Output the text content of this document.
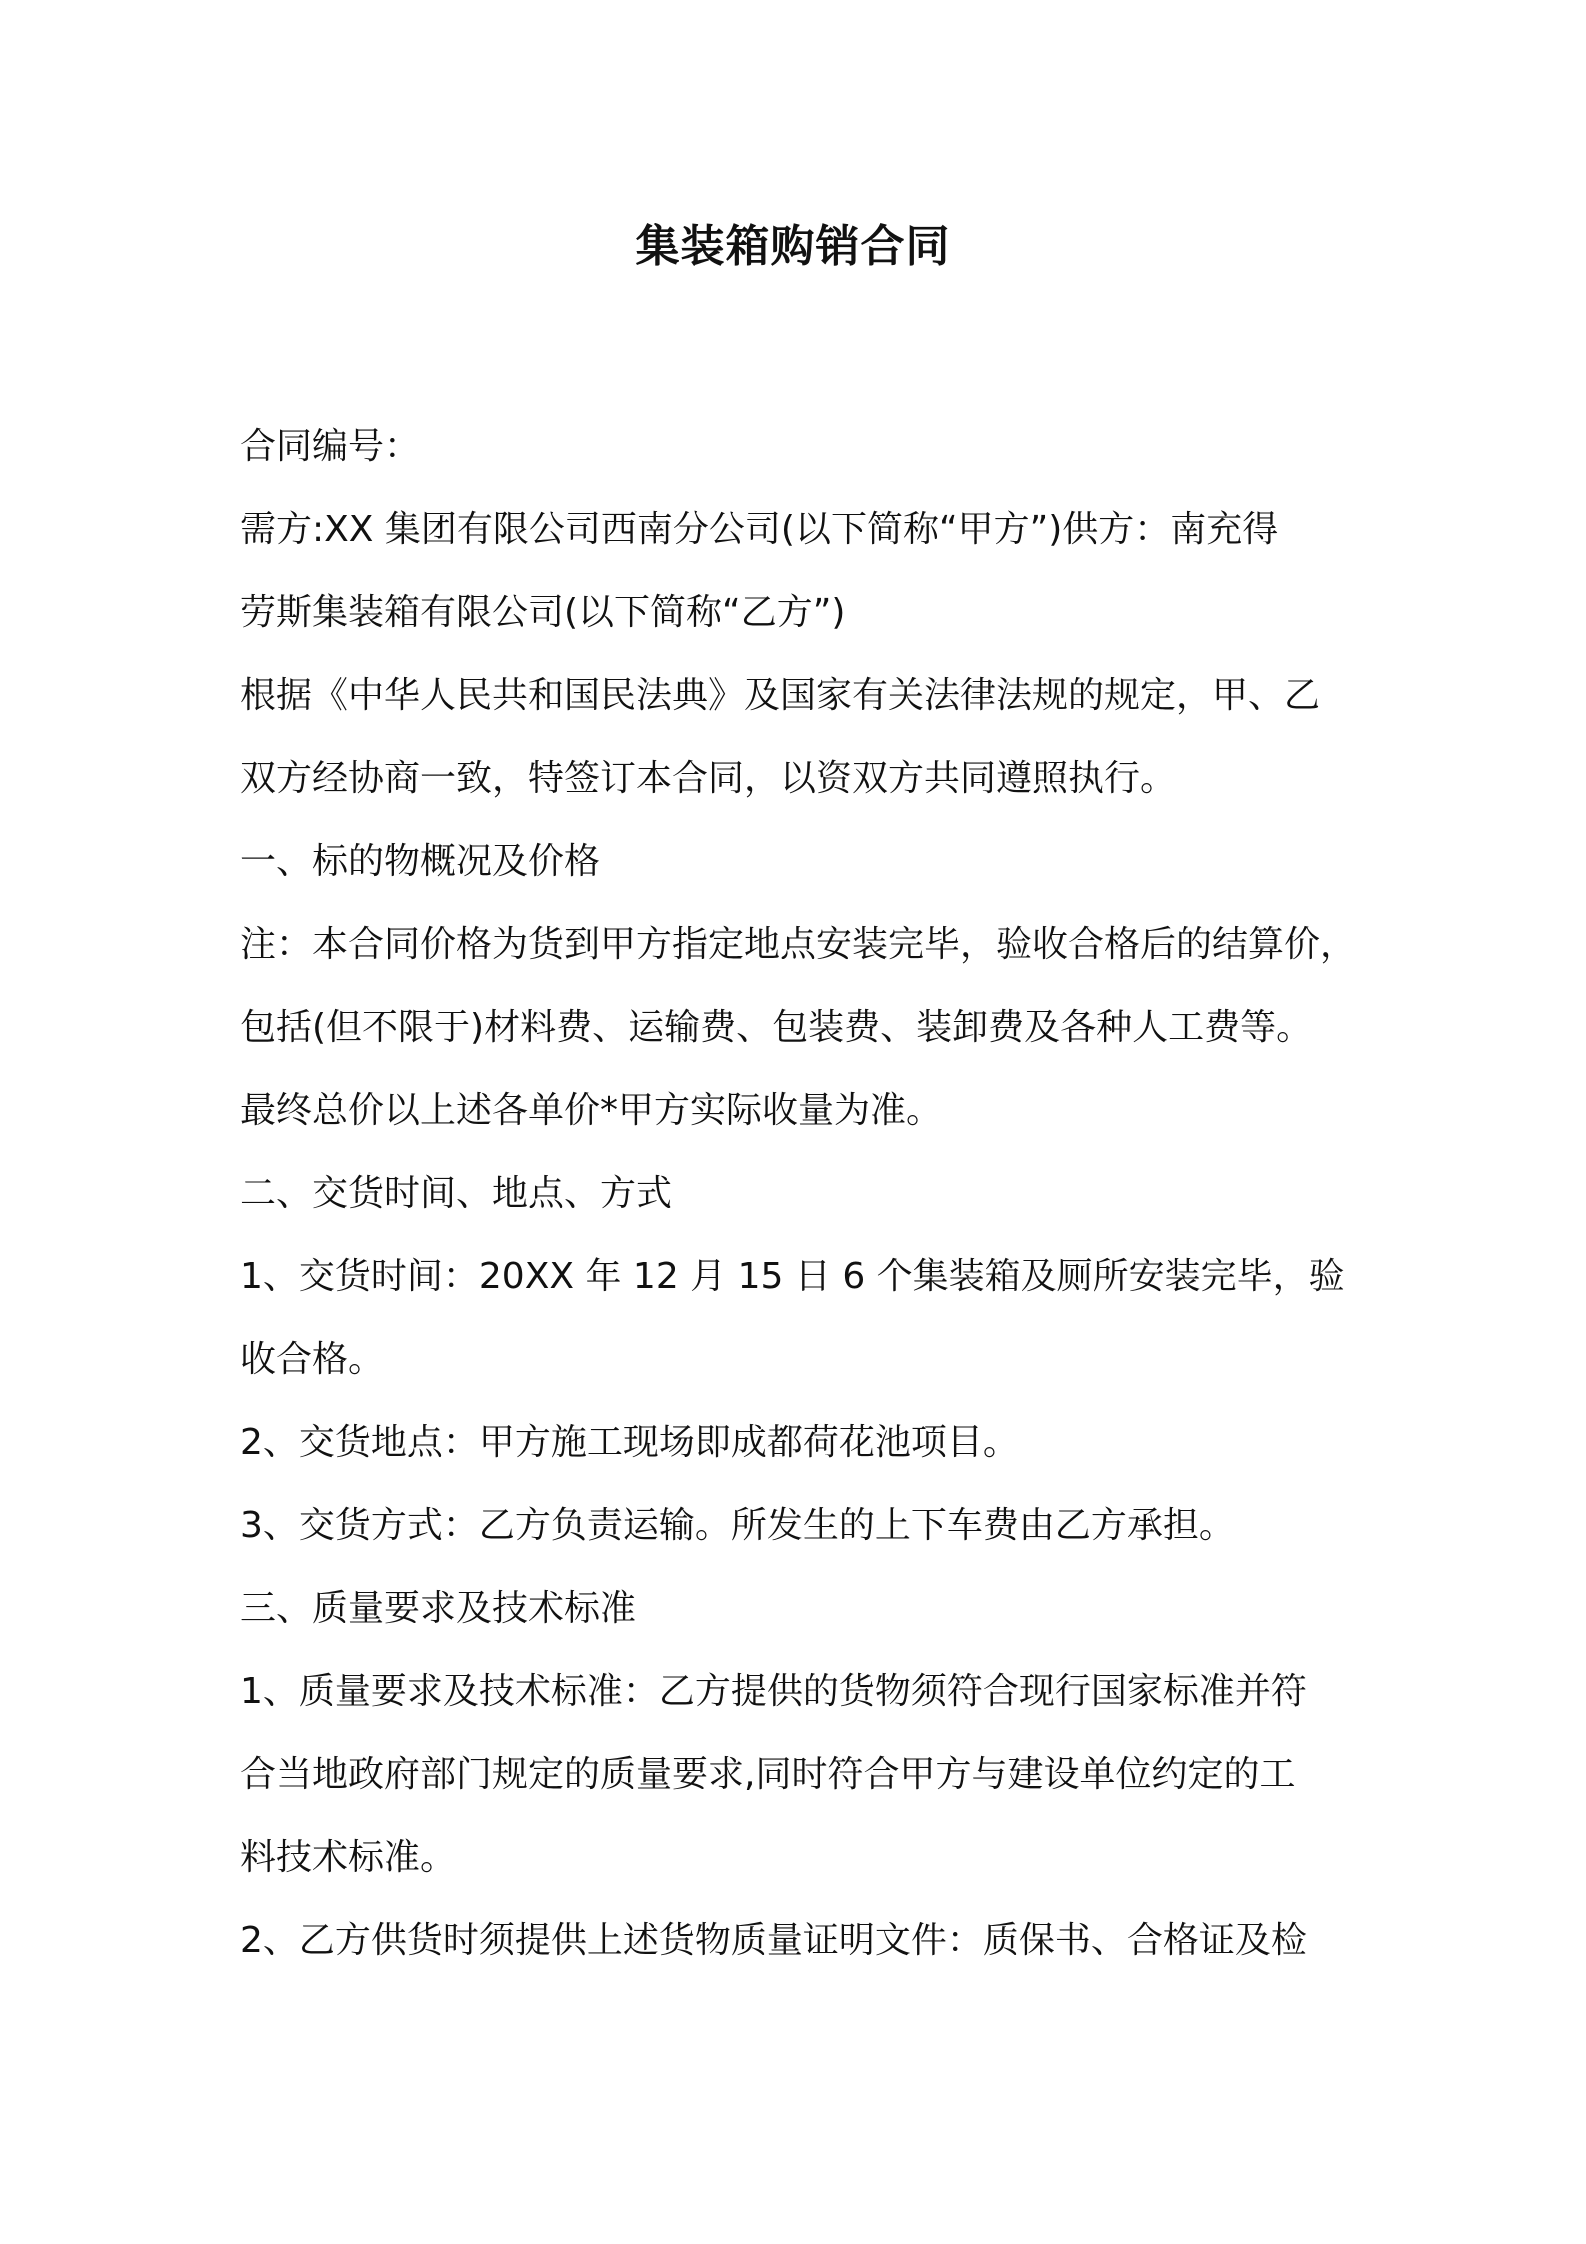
集装箱购销合同

合同编号：

需方:XX 集团有限公司西南分公司(以下简称“甲方”)供方：南充得

劳斯集装箱有限公司(以下简称“乙方”)

根据《中华人民共和国民法典》及国家有关法律法规的规定，甲、乙

双方经协商一致，特签订本合同，以资双方共同遵照执行。

一、标的物概况及价格

注：本合同价格为货到甲方指定地点安装完毕，验收合格后的结算价，

包括(但不限于)材料费、运输费、包装费、装卸费及各种人工费等。

最终总价以上述各单价*甲方实际收量为准。

二、交货时间、地点、方式

1、交货时间：20XX 年 12 月 15 日 6 个集装箱及厕所安装完毕，验

收合格。

2、交货地点：甲方施工现场即成都荷花池项目。

3、交货方式：乙方负责运输。所发生的上下车费由乙方承担。

三、质量要求及技术标准

1、质量要求及技术标准：乙方提供的货物须符合现行国家标准并符

合当地政府部门规定的质量要求,同时符合甲方与建设单位约定的工

料技术标准。

2、乙方供货时须提供上述货物质量证明文件：质保书、合格证及检
